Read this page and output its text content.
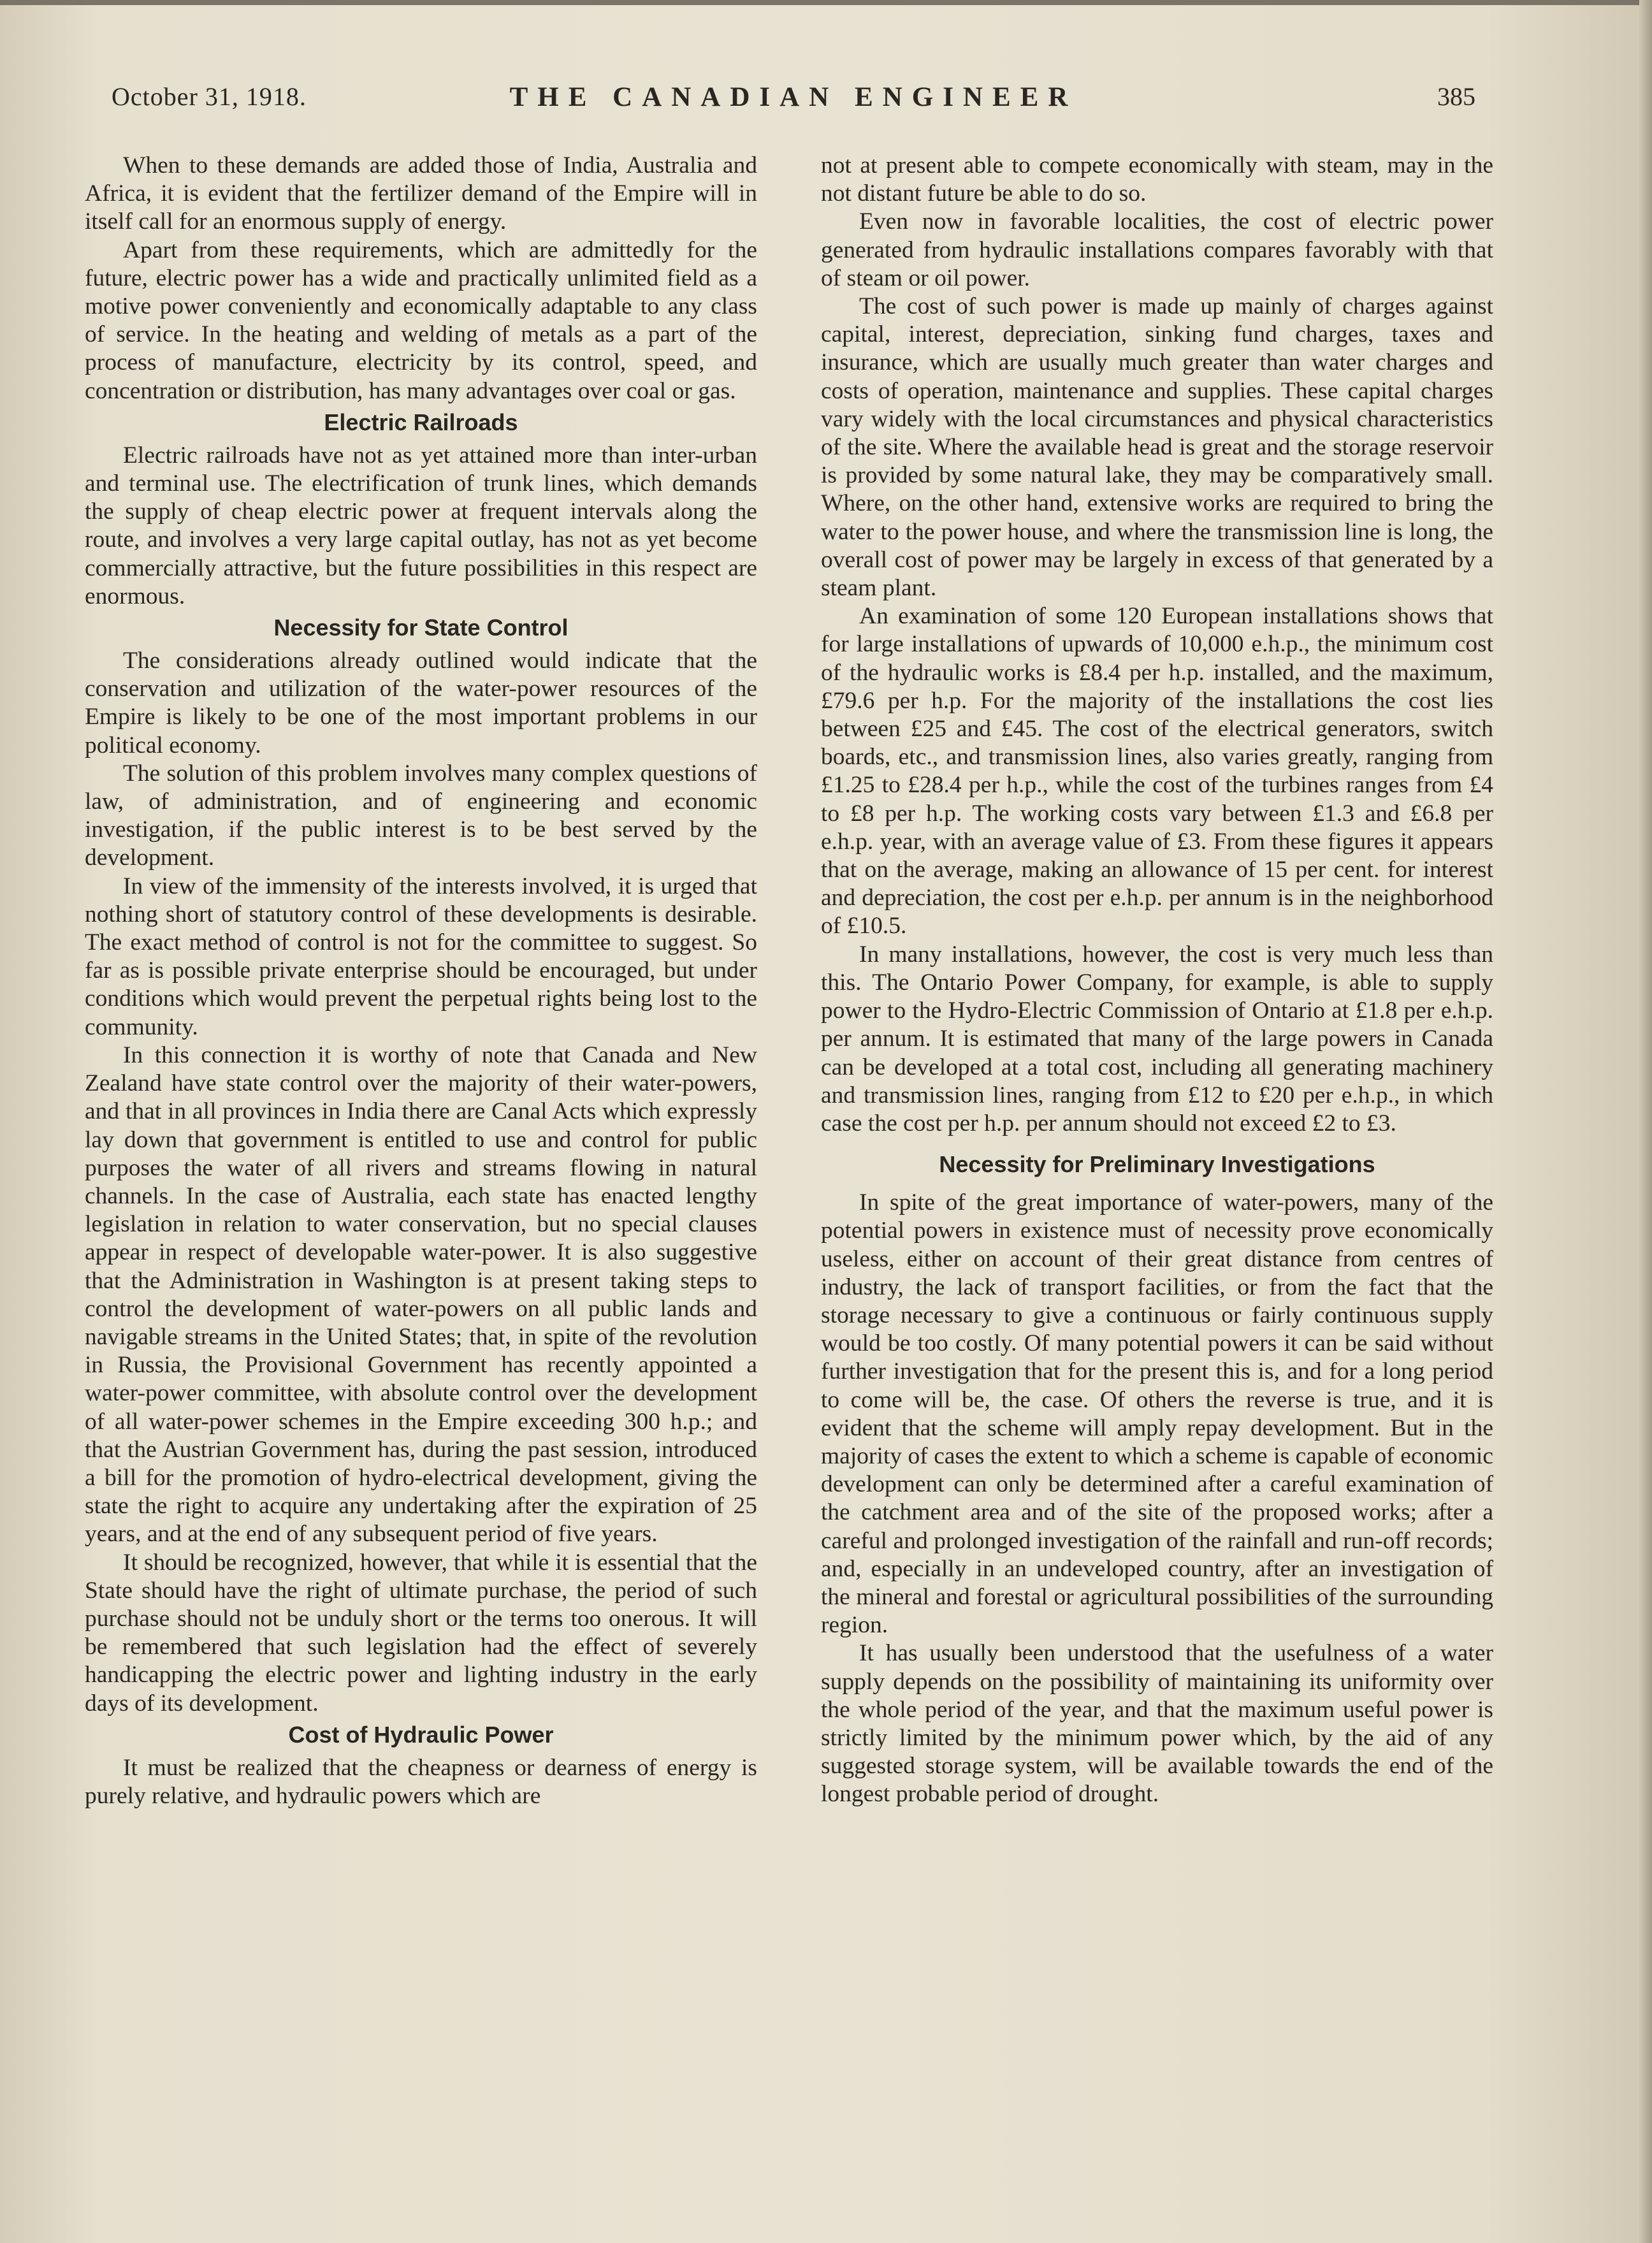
October 31, 1918.	THE CANADIAN ENGINEER	385

When to these demands are added those of India, Australia and Africa, it is evident that the fertilizer demand of the Empire will in itself call for an enormous supply of energy.

Apart from these requirements, which are admittedly for the future, electric power has a wide and practically unlimited field as a motive power conveniently and economically adaptable to any class of service. In the heating and welding of metals as a part of the process of manufacture, electricity by its control, speed, and concentration or distribution, has many advantages over coal or gas.

Electric Railroads

Electric railroads have not as yet attained more than inter-urban and terminal use. The electrification of trunk lines, which demands the supply of cheap electric power at frequent intervals along the route, and involves a very large capital outlay, has not as yet become commercially attractive, but the future possibilities in this respect are enormous.

Necessity for State Control

The considerations already outlined would indicate that the conservation and utilization of the water-power resources of the Empire is likely to be one of the most important problems in our political economy.

The solution of this problem involves many complex questions of law, of administration, and of engineering and economic investigation, if the public interest is to be best served by the development.

In view of the immensity of the interests involved, it is urged that nothing short of statutory control of these developments is desirable. The exact method of control is not for the committee to suggest. So far as is possible private enterprise should be encouraged, but under conditions which would prevent the perpetual rights being lost to the community.

In this connection it is worthy of note that Canada and New Zealand have state control over the majority of their water-powers, and that in all provinces in India there are Canal Acts which expressly lay down that government is entitled to use and control for public purposes the water of all rivers and streams flowing in natural channels. In the case of Australia, each state has enacted lengthy legislation in relation to water conservation, but no special clauses appear in respect of developable water-power. It is also suggestive that the Administration in Washington is at present taking steps to control the development of water-powers on all public lands and navigable streams in the United States; that, in spite of the revolution in Russia, the Provisional Government has recently appointed a water-power committee, with absolute control over the development of all water-power schemes in the Empire exceeding 300 h.p.; and that the Austrian Government has, during the past session, introduced a bill for the promotion of hydro-electrical development, giving the state the right to acquire any undertaking after the expiration of 25 years, and at the end of any subsequent period of five years.

It should be recognized, however, that while it is essential that the State should have the right of ultimate purchase, the period of such purchase should not be unduly short or the terms too onerous. It will be remembered that such legislation had the effect of severely handicapping the electric power and lighting industry in the early days of its development.

Cost of Hydraulic Power

It must be realized that the cheapness or dearness of energy is purely relative, and hydraulic powers which are

not at present able to compete economically with steam, may in the not distant future be able to do so.

Even now in favorable localities, the cost of electric power generated from hydraulic installations compares favorably with that of steam or oil power.

The cost of such power is made up mainly of charges against capital, interest, depreciation, sinking fund charges, taxes and insurance, which are usually much greater than water charges and costs of operation, maintenance and supplies. These capital charges vary widely with the local circumstances and physical characteristics of the site. Where the available head is great and the storage reservoir is provided by some natural lake, they may be comparatively small. Where, on the other hand, extensive works are required to bring the water to the power house, and where the transmission line is long, the overall cost of power may be largely in excess of that generated by a steam plant.

An examination of some 120 European installations shows that for large installations of upwards of 10,000 e.h.p., the minimum cost of the hydraulic works is £8.4 per h.p. installed, and the maximum, £79.6 per h.p. For the majority of the installations the cost lies between £25 and £45. The cost of the electrical generators, switch boards, etc., and transmission lines, also varies greatly, ranging from £1.25 to £28.4 per h.p., while the cost of the turbines ranges from £4 to £8 per h.p. The working costs vary between £1.3 and £6.8 per e.h.p. year, with an average value of £3. From these figures it appears that on the average, making an allowance of 15 per cent. for interest and depreciation, the cost per e.h.p. per annum is in the neighborhood of £10.5.

In many installations, however, the cost is very much less than this. The Ontario Power Company, for example, is able to supply power to the Hydro-Electric Commission of Ontario at £1.8 per e.h.p. per annum. It is estimated that many of the large powers in Canada can be developed at a total cost, including all generating machinery and transmission lines, ranging from £12 to £20 per e.h.p., in which case the cost per h.p. per annum should not exceed £2 to £3.

Necessity for Preliminary Investigations

In spite of the great importance of water-powers, many of the potential powers in existence must of necessity prove economically useless, either on account of their great distance from centres of industry, the lack of transport facilities, or from the fact that the storage necessary to give a continuous or fairly continuous supply would be too costly. Of many potential powers it can be said without further investigation that for the present this is, and for a long period to come will be, the case. Of others the reverse is true, and it is evident that the scheme will amply repay development. But in the majority of cases the extent to which a scheme is capable of economic development can only be determined after a careful examination of the catchment area and of the site of the proposed works; after a careful and prolonged investigation of the rainfall and run-off records; and, especially in an undeveloped country, after an investigation of the mineral and forestal or agricultural possibilities of the surrounding region.

It has usually been understood that the usefulness of a water supply depends on the possibility of maintaining its uniformity over the whole period of the year, and that the maximum useful power is strictly limited by the minimum power which, by the aid of any suggested storage system, will be available towards the end of the longest probable period of drought.
